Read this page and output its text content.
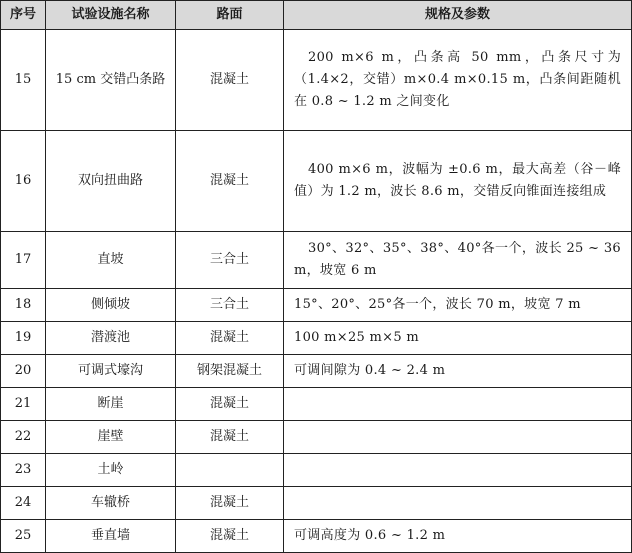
序号	试验设施名称	路面	规格及参数
15	15 cm 交错凸条路	混凝土	200 m×6 m，凸条高 50 mm，凸条尺寸为（1.4×2，交错）m×0.4 m×0.15 m，凸条间距随机在 0.8 ~ 1.2 m 之间变化
16	双向扭曲路	混凝土	400 m×6 m，波幅为 ±0.6 m，最大高差（谷－峰值）为 1.2 m，波长 8.6 m，交错反向锥面连接组成
17	直坡	三合土	30°、32°、35°、38°、40°各一个，波长 25 ~ 36 m，坡宽 6 m
18	侧倾坡	三合土	15°、20°、25°各一个，波长 70 m，坡宽 7 m
19	潜渡池	混凝土	100 m×25 m×5 m
20	可调式壕沟	钢架混凝土	可调间隙为 0.4 ~ 2.4 m
21	断崖	混凝土	
22	崖壁	混凝土	
23	土岭		
24	车辙桥	混凝土	
25	垂直墙	混凝土	可调高度为 0.6 ~ 1.2 m
